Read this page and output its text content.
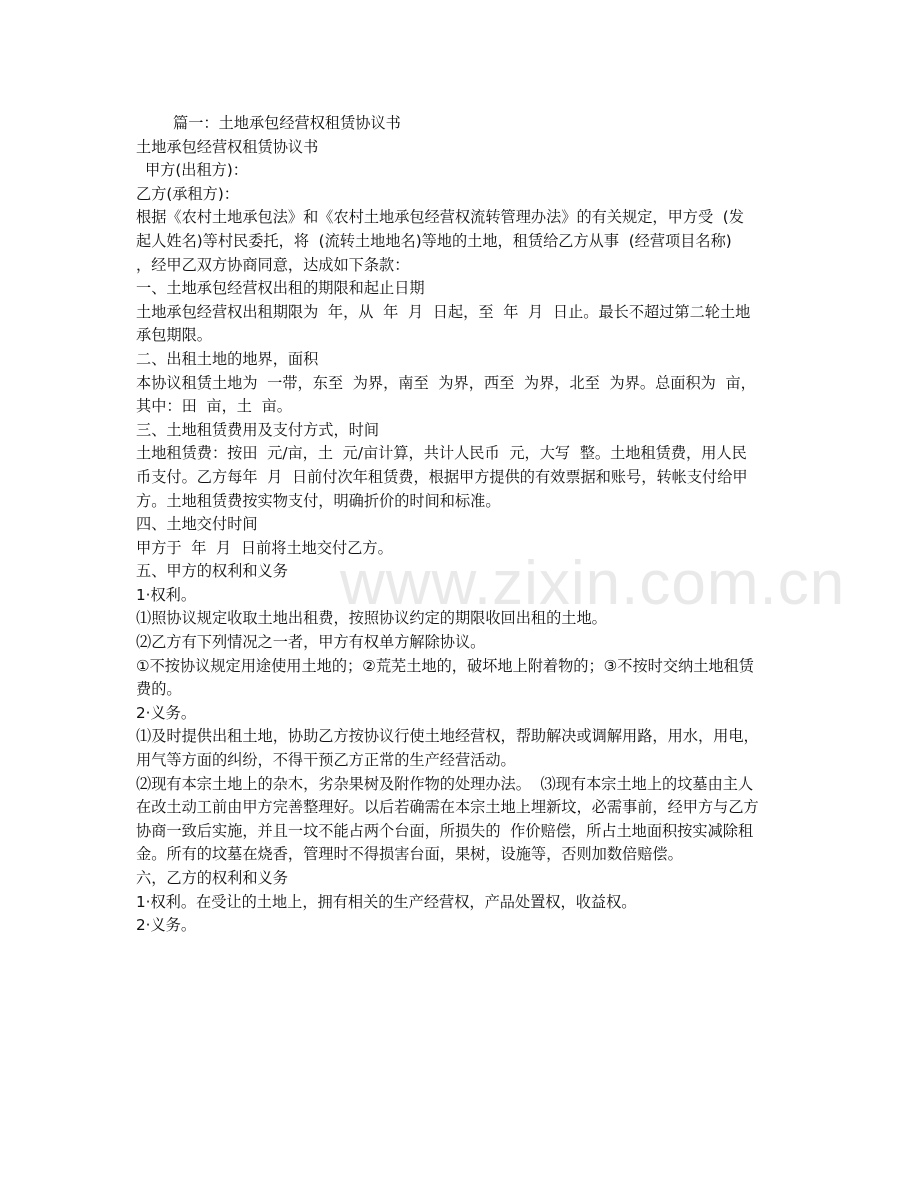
www.zixin.com.cn

篇一：土地承包经营权租赁协议书

土地承包经营权租赁协议书

甲方(出租方)：

乙方(承租方)：

根据《农村土地承包法》和《农村土地承包经营权流转管理办法》的有关规定，甲方受  (发

起人姓名)等村民委托，将  (流转土地地名)等地的土地，租赁给乙方从事  (经营项目名称)

，经甲乙双方协商同意，达成如下条款：

一、土地承包经营权出租的期限和起止日期

土地承包经营权出租期限为  年，从  年  月  日起，至  年  月  日止。最长不超过第二轮土地

承包期限。

二、出租土地的地界，面积

本协议租赁土地为  一带，东至  为界，南至  为界，西至  为界，北至  为界。总面积为  亩，

其中：田  亩，土  亩。

三、土地租赁费用及支付方式，时间

土地租赁费：按田  元/亩，土  元/亩计算，共计人民币  元，大写  整。土地租赁费，用人民

币支付。乙方每年  月  日前付次年租赁费，根据甲方提供的有效票据和账号，转帐支付给甲

方。土地租赁费按实物支付，明确折价的时间和标准。

四、土地交付时间

甲方于  年  月  日前将土地交付乙方。

五、甲方的权利和义务

1·权利。

⑴照协议规定收取土地出租费，按照协议约定的期限收回出租的土地。

⑵乙方有下列情况之一者，甲方有权单方解除协议。

①不按协议规定用途使用土地的；②荒芜土地的，破坏地上附着物的；③不按时交纳土地租赁

费的。

2·义务。

⑴及时提供出租土地，协助乙方按协议行使土地经营权，帮助解决或调解用路，用水，用电，

用气等方面的纠纷，不得干预乙方正常的生产经营活动。

⑵现有本宗土地上的杂木，劣杂果树及附作物的处理办法。  ⑶现有本宗土地上的坟墓由主人

在改土动工前由甲方完善整理好。以后若确需在本宗土地上埋新坟，必需事前，经甲方与乙方

协商一致后实施，并且一坟不能占两个台面，所损失的  作价赔偿，所占土地面积按实减除租

金。所有的坟墓在烧香，管理时不得损害台面，果树，设施等，否则加数倍赔偿。

六，乙方的权利和义务

1·权利。在受让的土地上，拥有相关的生产经营权，产品处置权，收益权。

2·义务。
